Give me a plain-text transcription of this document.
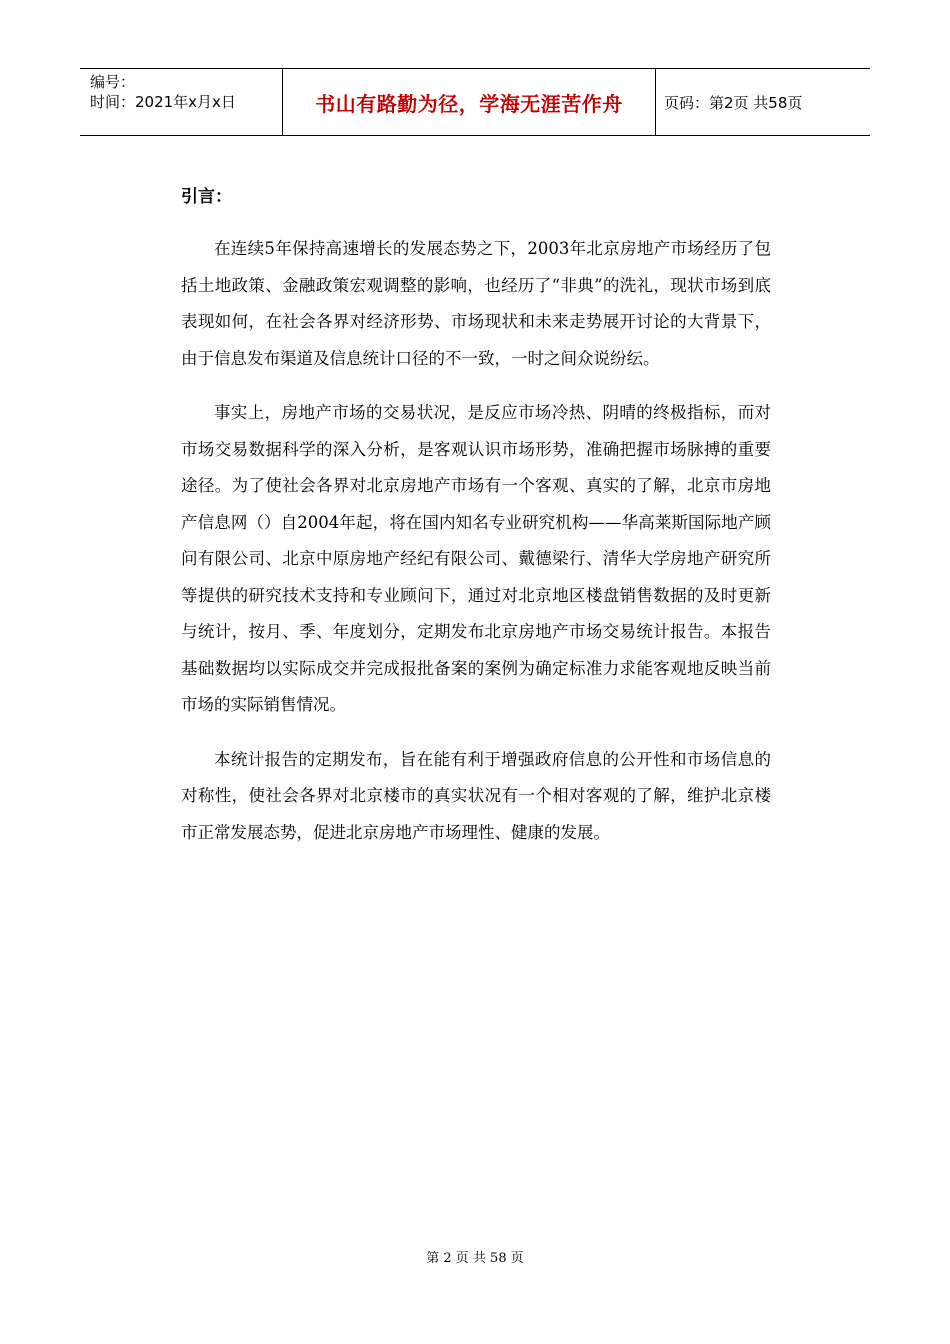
编号：
时间：2021年x月x日	书山有路勤为径，学海无涯苦作舟	页码：第2页 共58页
引言：

在连续5年保持高速增长的发展态势之下，2003年北京房地产市场经历了包括土地政策、金融政策宏观调整的影响，也经历了“非典”的洗礼，现状市场到底表现如何，在社会各界对经济形势、市场现状和未来走势展开讨论的大背景下，由于信息发布渠道及信息统计口径的不一致，一时之间众说纷纭。

事实上，房地产市场的交易状况，是反应市场冷热、阴晴的终极指标，而对市场交易数据科学的深入分析，是客观认识市场形势，准确把握市场脉搏的重要途径。为了使社会各界对北京房地产市场有一个客观、真实的了解，北京市房地产信息网（）自2004年起，将在国内知名专业研究机构——华高莱斯国际地产顾问有限公司、北京中原房地产经纪有限公司、戴德梁行、清华大学房地产研究所等提供的研究技术支持和专业顾问下，通过对北京地区楼盘销售数据的及时更新与统计，按月、季、年度划分，定期发布北京房地产市场交易统计报告。本报告基础数据均以实际成交并完成报批备案的案例为确定标准力求能客观地反映当前市场的实际销售情况。

本统计报告的定期发布，旨在能有利于增强政府信息的公开性和市场信息的对称性，使社会各界对北京楼市的真实状况有一个相对客观的了解，维护北京楼市正常发展态势，促进北京房地产市场理性、健康的发展。

第 2 页 共 58 页
